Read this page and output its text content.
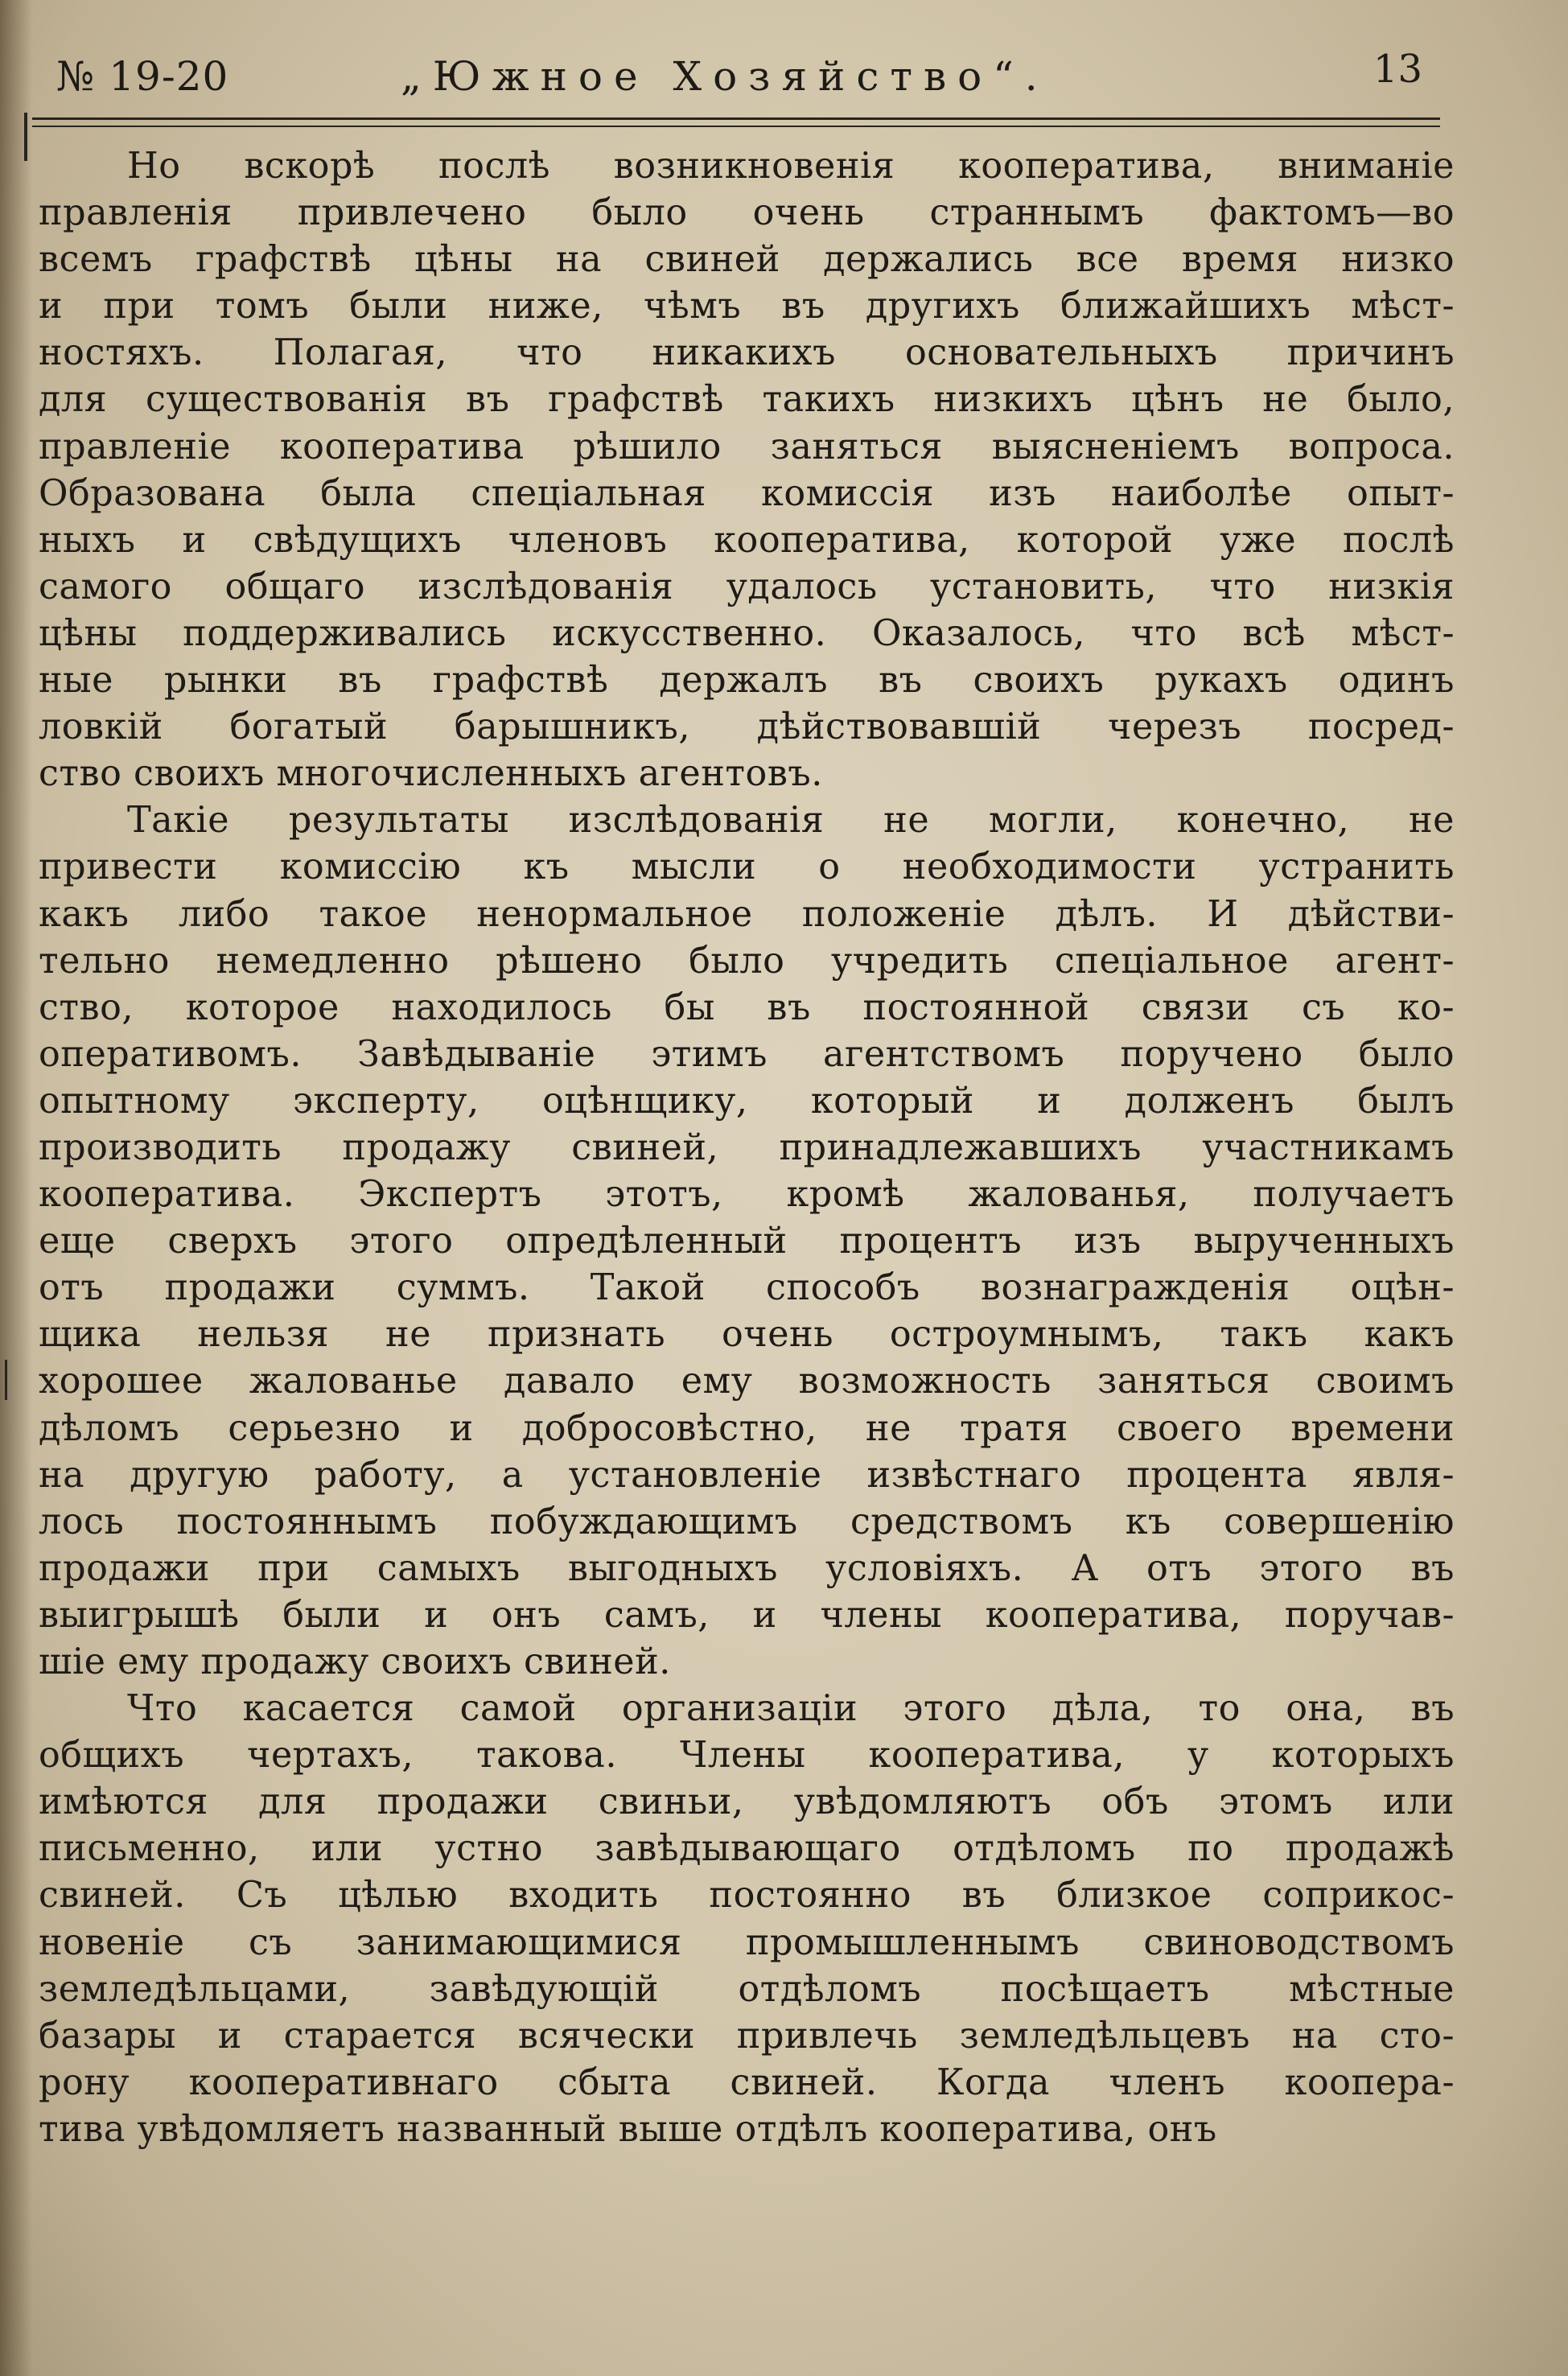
№ 19-20	„Южное Хозяйство“.	13
Но вскорѣ послѣ возникновенія кооператива, вниманіе
правленія привлечено было очень страннымъ фактомъ—во
всемъ графствѣ цѣны на свиней держались все время низко
и при томъ были ниже, чѣмъ въ другихъ ближайшихъ мѣст-
ностяхъ. Полагая, что никакихъ основательныхъ причинъ
для существованія въ графствѣ такихъ низкихъ цѣнъ не было,
правленіе кооператива рѣшило заняться выясненіемъ вопроса.
Образована была спеціальная комиссія изъ наиболѣе опыт-
ныхъ и свѣдущихъ членовъ кооператива, которой уже послѣ
самого общаго изслѣдованія удалось установить, что низкія
цѣны поддерживались искусственно. Оказалось, что всѣ мѣст-
ные рынки въ графствѣ держалъ въ своихъ рукахъ одинъ
ловкій богатый барышникъ, дѣйствовавшій черезъ посред-
ство своихъ многочисленныхъ агентовъ.
Такіе результаты изслѣдованія не могли, конечно, не
привести комиссію къ мысли о необходимости устранить
какъ либо такое ненормальное положеніе дѣлъ. И дѣйстви-
тельно немедленно рѣшено было учредить спеціальное агент-
ство, которое находилось бы въ постоянной связи съ ко-
оперативомъ. Завѣдываніе этимъ агентствомъ поручено было
опытному эксперту, оцѣнщику, который и долженъ былъ
производить продажу свиней, принадлежавшихъ участникамъ
кооператива. Экспертъ этотъ, кромѣ жалованья, получаетъ
еще сверхъ этого опредѣленный процентъ изъ вырученныхъ
отъ продажи суммъ. Такой способъ вознагражденія оцѣн-
щика нельзя не признать очень остроумнымъ, такъ какъ
хорошее жалованье давало ему возможность заняться своимъ
дѣломъ серьезно и добросовѣстно, не тратя своего времени
на другую работу, а установленіе извѣстнаго процента явля-
лось постояннымъ побуждающимъ средствомъ къ совершенію
продажи при самыхъ выгодныхъ условіяхъ. А отъ этого въ
выигрышѣ были и онъ самъ, и члены кооператива, поручав-
шіе ему продажу своихъ свиней.
Что касается самой организаціи этого дѣла, то она, въ
общихъ чертахъ, такова. Члены кооператива, у которыхъ
имѣются для продажи свиньи, увѣдомляютъ объ этомъ или
письменно, или устно завѣдывающаго отдѣломъ по продажѣ
свиней. Съ цѣлью входить постоянно въ близкое соприкос-
новеніе съ занимающимися промышленнымъ свиноводствомъ
земледѣльцами, завѣдующій отдѣломъ посѣщаетъ мѣстные
базары и старается всячески привлечь земледѣльцевъ на сто-
рону кооперативнаго сбыта свиней. Когда членъ коопера-
тива увѣдомляетъ названный выше отдѣлъ кооператива, онъ
